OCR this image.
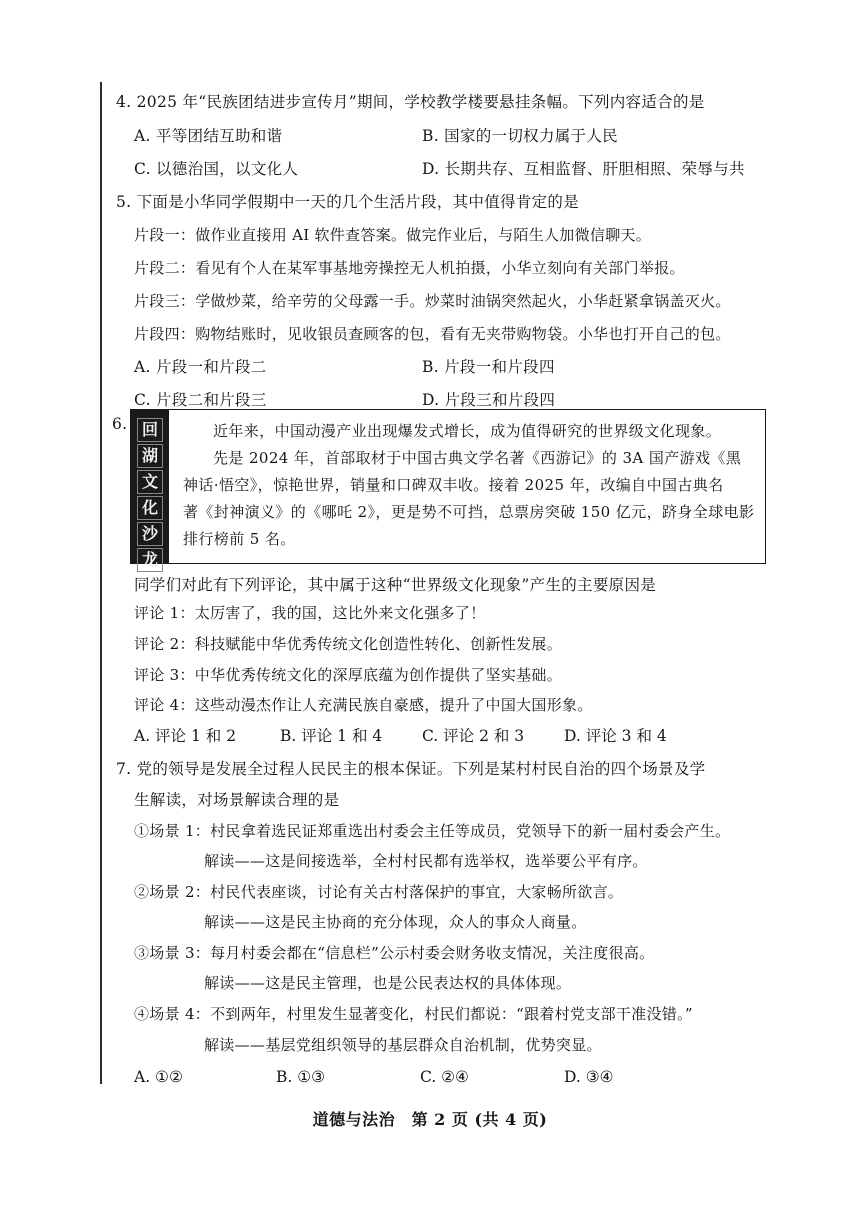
4. 2025 年“民族团结进步宣传月”期间，学校教学楼要悬挂条幅。下列内容适合的是
A. 平等团结互助和谐	B. 国家的一切权力属于人民
C. 以德治国，以文化人	D. 长期共存、互相监督、肝胆相照、荣辱与共
5. 下面是小华同学假期中一天的几个生活片段，其中值得肯定的是
片段一：做作业直接用 AI 软件查答案。做完作业后，与陌生人加微信聊天。
片段二：看见有个人在某军事基地旁操控无人机拍摄，小华立刻向有关部门举报。
片段三：学做炒菜，给辛劳的父母露一手。炒菜时油锅突然起火，小华赶紧拿锅盖灭火。
片段四：购物结账时，见收银员查顾客的包，看有无夹带购物袋。小华也打开自己的包。
A. 片段一和片段二	B. 片段一和片段四
C. 片段二和片段三	D. 片段三和片段四
6. 回
湖
文
化
沙
龙
近年来，中国动漫产业出现爆发式增长，成为值得研究的世界级文化现象。
先是 2024 年，首部取材于中国古典文学名著《西游记》的 3A 国产游戏《黑
神话·悟空》，惊艳世界，销量和口碑双丰收。接着 2025 年，改编自中国古典名
著《封神演义》的《哪吒 2》，更是势不可挡，总票房突破 150 亿元，跻身全球电影
排行榜前 5 名。
同学们对此有下列评论，其中属于这种“世界级文化现象”产生的主要原因是
评论 1：太厉害了，我的国，这比外来文化强多了！
评论 2：科技赋能中华优秀传统文化创造性转化、创新性发展。
评论 3：中华优秀传统文化的深厚底蕴为创作提供了坚实基础。
评论 4：这些动漫杰作让人充满民族自豪感，提升了中国大国形象。
A. 评论 1 和 2	B. 评论 1 和 4	C. 评论 2 和 3	D. 评论 3 和 4
7. 党的领导是发展全过程人民民主的根本保证。下列是某村村民自治的四个场景及学
生解读，对场景解读合理的是
①场景 1：村民拿着选民证郑重选出村委会主任等成员，党领导下的新一届村委会产生。
解读——这是间接选举，全村村民都有选举权，选举要公平有序。
②场景 2：村民代表座谈，讨论有关古村落保护的事宜，大家畅所欲言。
解读——这是民主协商的充分体现，众人的事众人商量。
③场景 3：每月村委会都在“信息栏”公示村委会财务收支情况，关注度很高。
解读——这是民主管理，也是公民表达权的具体体现。
④场景 4：不到两年，村里发生显著变化，村民们都说：“跟着村党支部干准没错。”
解读——基层党组织领导的基层群众自治机制，优势突显。
A. ①②	B. ①③	C. ②④	D. ③④
道德与法治　第 2 页 (共 4 页)
